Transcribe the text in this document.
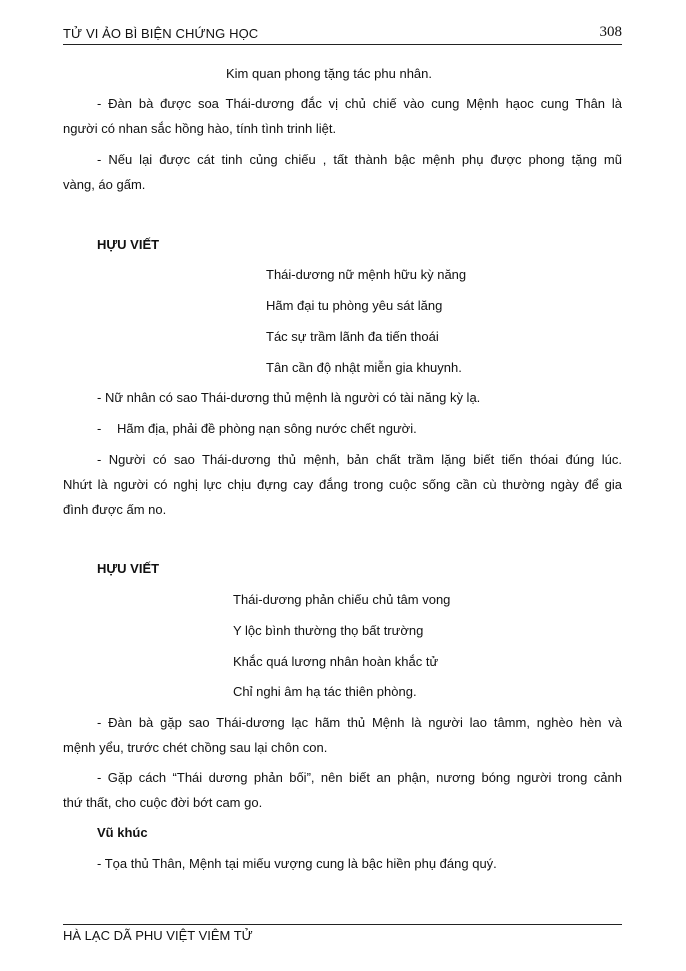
TỬ VI ẢO BÌ BIỆN CHỨNG HỌC	308
Kim quan phong tặng tác phu nhân.
- Đàn bà được soa Thái-dương đắc vị chủ chiế vào cung Mệnh hạoc cung Thân là
người có nhan sắc hồng hào, tính tình trinh liệt.
- Nếu lại được cát tinh củng chiếu , tất thành bậc mệnh phụ được phong tặng mũ
vàng, áo gấm.
HỰU VIẾT
Thái-dương nữ mệnh hữu kỳ năng
Hãm đại tu phòng yêu sát lăng
Tác sự trầm lãnh đa tiến thoái
Tân cần độ nhật miễn gia khuynh.
- Nữ nhân có sao Thái-dương thủ mệnh là người có tài năng kỳ lạ.
- Hãm địa, phải đề phòng nạn sông nước chết người.
- Người có sao Thái-dương thủ mệnh, bản chất trầm lặng biết tiến thóai đúng lúc.
Nhứt là người có nghị lực chịu đựng cay đắng trong cuộc sống cần cù thường ngày để gia
đình được ấm no.
HỰU VIẾT
Thái-dương phản chiếu chủ tâm vong
Y lộc bình thường thọ bất trường
Khắc quá lương nhân hoàn khắc tử
Chỉ nghi âm hạ tác thiên phòng.
- Đàn bà gặp sao Thái-dương lạc hãm thủ Mệnh là người lao tâmm, nghèo hèn và
mệnh yểu, trước chét chồng sau lại chôn con.
- Gặp cách “Thái dương phản bối”, nên biết an phận, nương bóng người trong cảnh
thứ thất, cho cuộc đời bớt cam go.
Vũ khúc
- Tọa thủ Thân, Mệnh tại miếu vượng cung là bậc hiền phụ đáng quý.
HÀ LẠC DÃ PHU VIỆT VIÊM TỬ
